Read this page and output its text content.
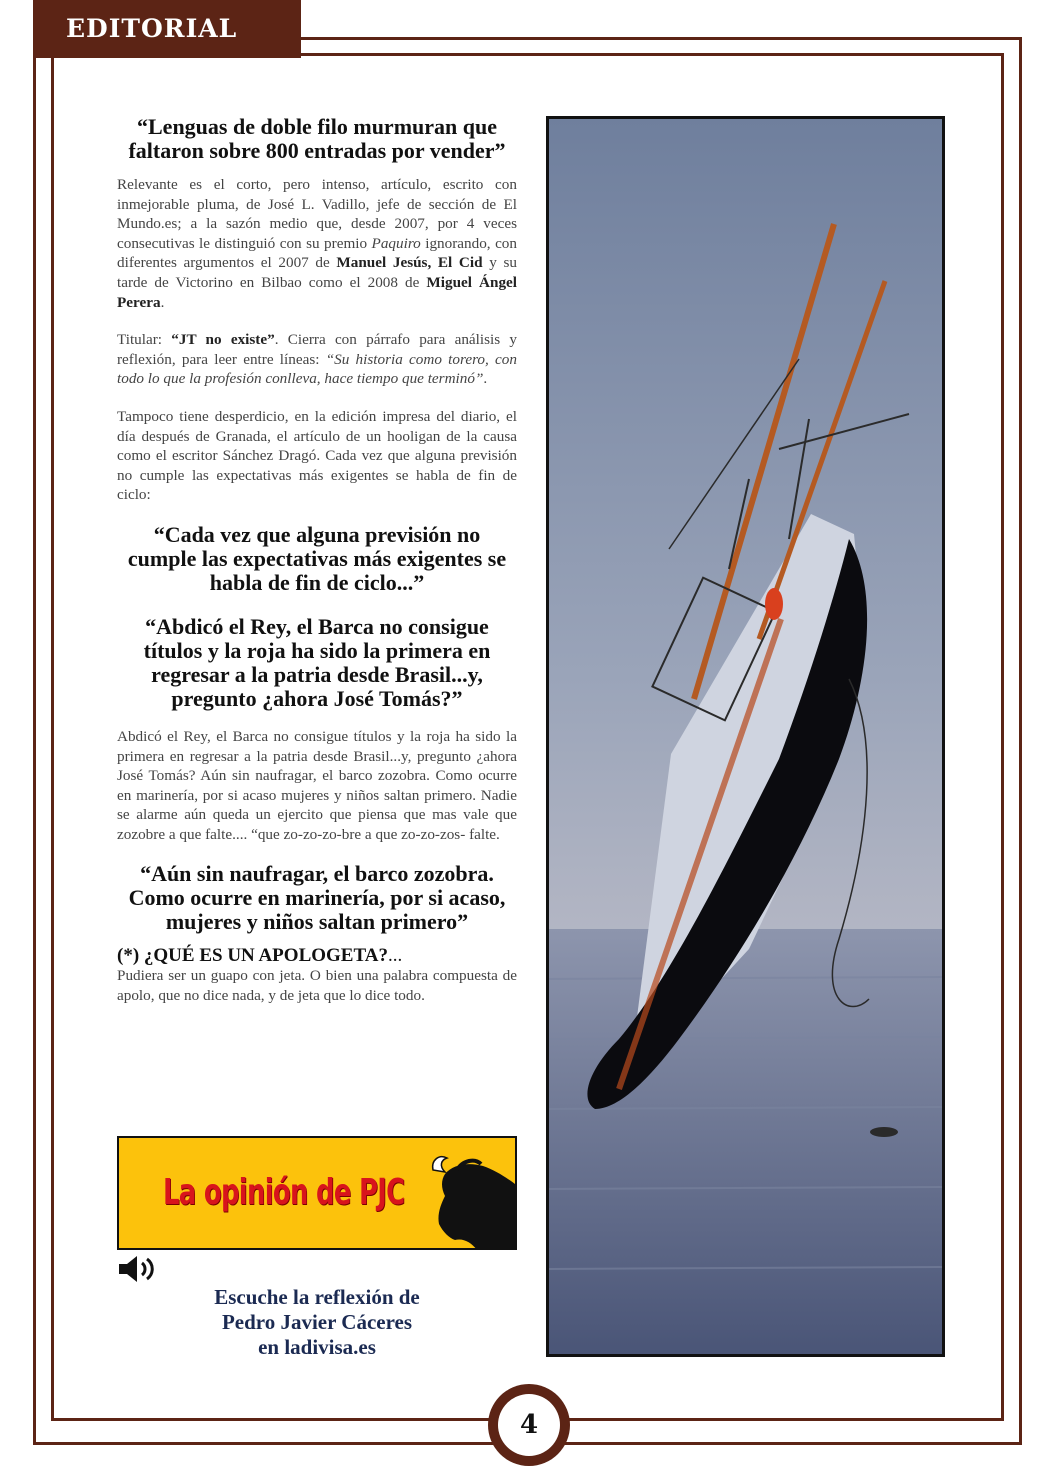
EDITORIAL

“Lenguas de doble filo murmuran que faltaron sobre 800 entradas por vender”

Relevante es el corto, pero intenso, artículo, escrito con inmejorable pluma, de José L. Vadillo, jefe de sección de El Mundo.es; a la sazón medio que, desde 2007, por 4 veces consecutivas le distinguió con su premio Paquiro ignorando, con diferentes argumentos el 2007 de Manuel Jesús, El Cid y su tarde de Victorino en Bilbao como el 2008 de Miguel Ángel Perera.

Titular: “JT no existe”. Cierra con párrafo para análisis y reflexión, para leer entre líneas: “Su historia como torero, con todo lo que la profesión conlleva, hace tiempo que terminó”.

Tampoco tiene desperdicio, en la edición impresa del diario, el día después de Granada, el artículo de un hooligan de la causa como el escritor Sánchez Dragó. Cada vez que alguna previsión no cumple las expectativas más exigentes se habla de fin de ciclo:

“Cada vez que alguna previsión no cumple las expectativas más exigentes se habla de fin de ciclo...”

“Abdicó el Rey, el Barca no consigue títulos y la roja ha sido la primera en regresar a la patria desde Brasil...y, pregunto ¿ahora José Tomás?”

Abdicó el Rey, el Barca no consigue títulos y la roja ha sido la primera en regresar a la patria desde Brasil...y, pregunto ¿ahora José Tomás? Aún sin naufragar, el barco zozobra. Como ocurre en marinería, por si acaso mujeres y niños saltan primero. Nadie se alarme aún queda un ejercito que piensa que mas vale que zozobre a que falte.... “que zo-zo-zo-bre a que zo-zo-zos- falte.

“Aún sin naufragar, el barco zozobra. Como ocurre en marinería, por si acaso, mujeres y niños saltan primero”

(*) ¿QUÉ ES UN APOLOGETA?...

Pudiera ser un guapo con jeta. O bien una palabra compuesta de apolo, que no dice nada, y de jeta que lo dice todo.

La opinión de PJC
Escuche la reflexión de
Pedro Javier Cáceres
en ladivisa.es
4
